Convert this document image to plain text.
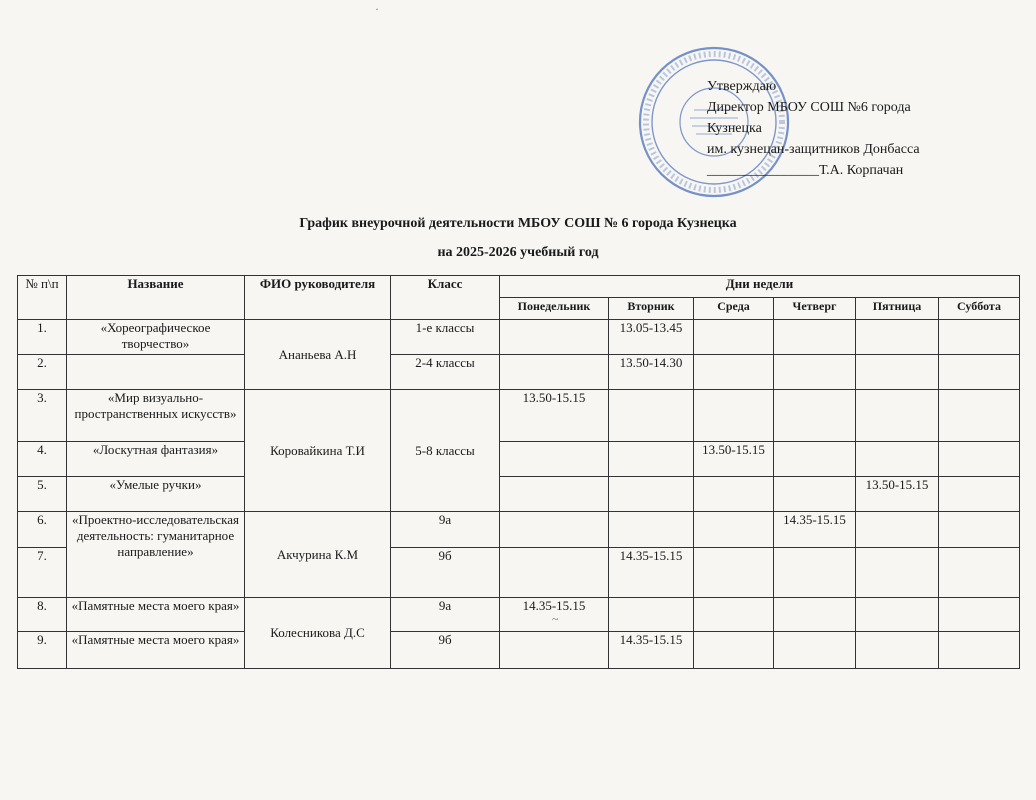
Утверждаю
Директор МБОУ СОШ №6 города
Кузнецка
им. кузнецан-защитников Донбасса
________________Т.А. Корпачан
График внеурочной деятельности МБОУ СОШ № 6 города Кузнецка
на 2025-2026 учебный год
·
~
№ п\п	Название	ФИО руководителя	Класс	Дни недели					
				Понедельник	Вторник	Среда	Четверг	Пятница	Суббота
1.	«Хореографическое творчество»	Ананьева А.Н	1-е классы		13.05-13.45				
2.			2-4 классы		13.50-14.30				
3.	«Мир визуально-пространственных искусств»	Коровайкина Т.И	5-8 классы	13.50-15.15					
4.	«Лоскутная фантазия»					13.50-15.15			
5.	«Умелые ручки»							13.50-15.15	
6.	«Проектно-исследовательская деятельность: гуманитарное направление»	Акчурина К.М	9а				14.35-15.15		
7.			9б		14.35-15.15				
8.	«Памятные места моего края»	Колесникова Д.С	9а	14.35-15.15					
9.	«Памятные места моего края»		9б		14.35-15.15				
